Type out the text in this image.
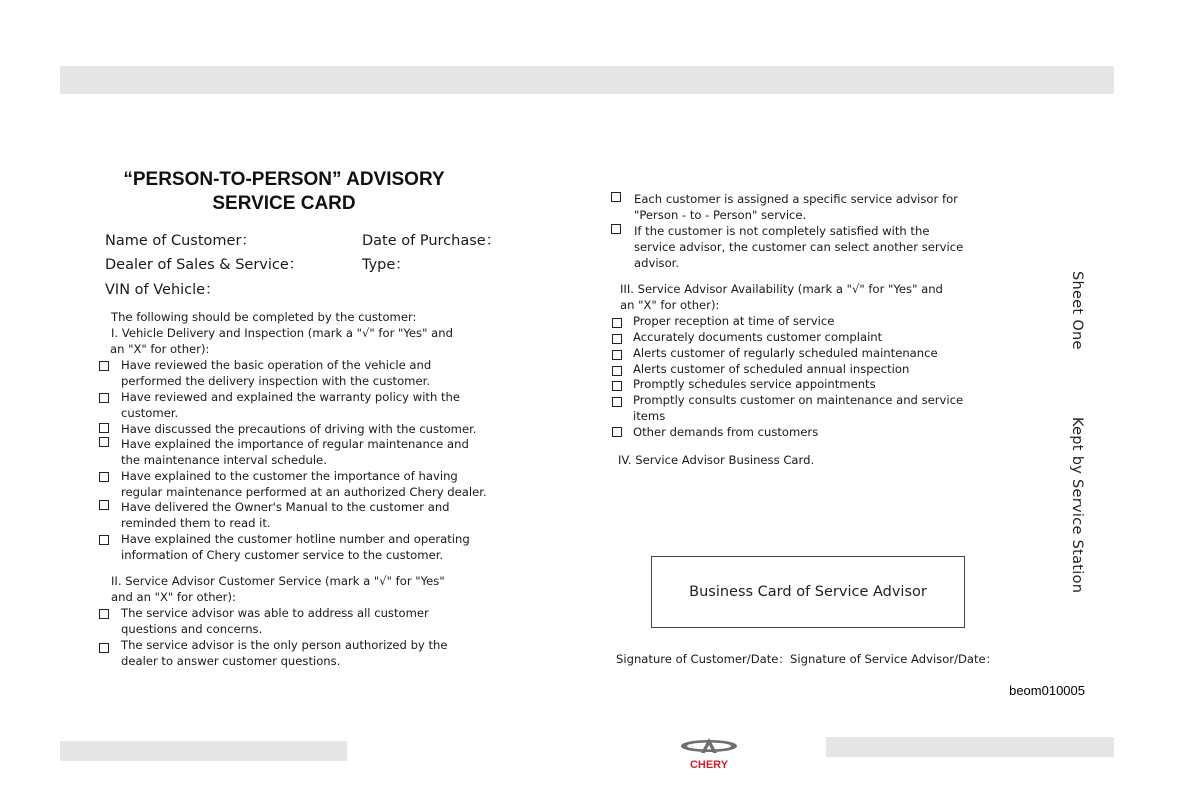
“PERSON-TO-PERSON” ADVISORY
SERVICE CARD
Name of Customer：	Date of Purchase：
Dealer of Sales & Service：	Type：
VIN of Vehicle：
The following should be completed by the customer:
I. Vehicle Delivery and Inspection (mark a "√" for "Yes" and
an "X" for other):
Have reviewed the basic operation of the vehicle and
performed the delivery inspection with the customer.
Have reviewed and explained the warranty policy with the
customer.
Have discussed the precautions of driving with the customer.
Have explained the importance of regular maintenance and
the maintenance interval schedule.
Have explained to the customer the importance of having
regular maintenance performed at an authorized Chery dealer.
Have delivered the Owner's Manual to the customer and
reminded them to read it.
Have explained the customer hotline number and operating
information of Chery customer service to the customer.
The service advisor was able to address all customer
questions and concerns.
The service advisor is the only person authorized by the
dealer to answer customer questions.
Each customer is assigned a specific service advisor for
"Person - to - Person" service.
If the customer is not completely satisfied with the
service advisor, the customer can select another service
advisor.
Proper reception at time of service
Accurately documents customer complaint
Alerts customer of regularly scheduled maintenance
Alerts customer of scheduled annual inspection
Promptly schedules service appointments
Promptly consults customer on maintenance and service
items
Other demands from customers
II. Service Advisor Customer Service (mark a "√" for "Yes"
and an "X" for other):
III. Service Advisor Availability (mark a "√" for "Yes" and
an "X" for other):
IV. Service Advisor Business Card.
Business Card of Service Advisor
Signature of Customer/Date： Signature of Service Advisor/Date：
beom010005
Sheet One
Kept by Service Station
CHERY
